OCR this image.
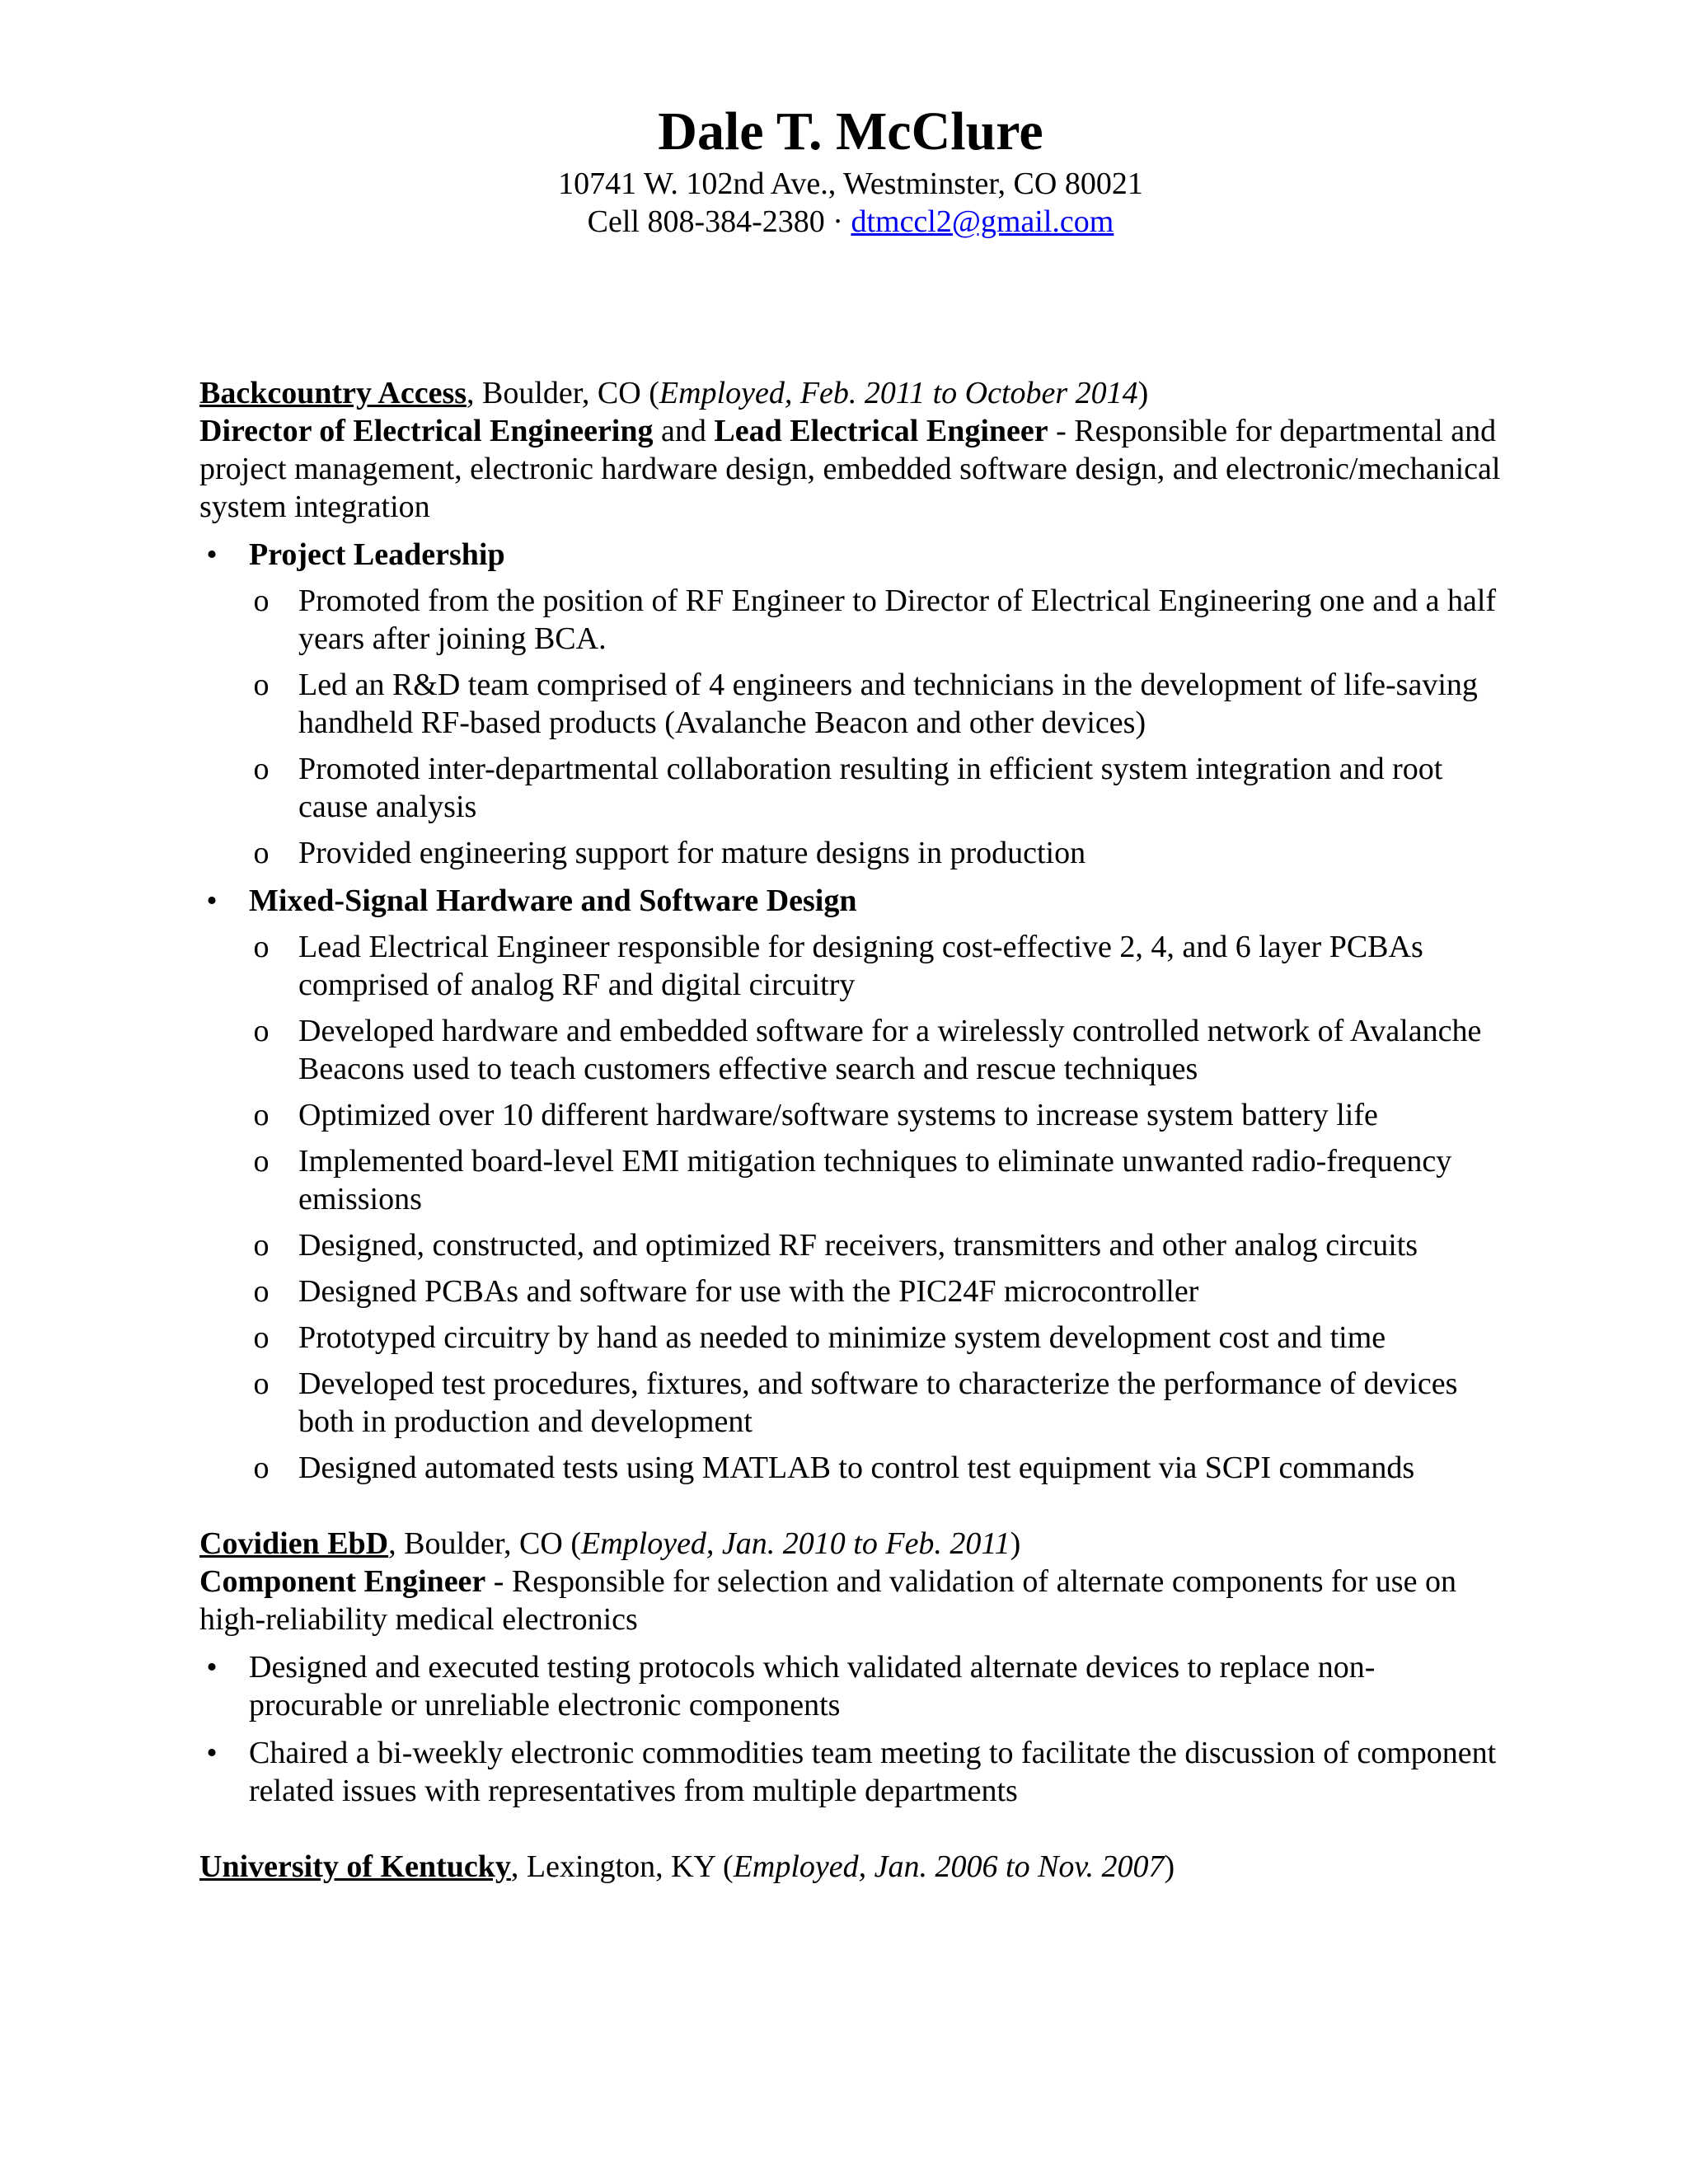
Dale T. McClure
10741 W. 102nd Ave., Westminster, CO 80021
Cell 808-384-2380 · dtmccl2@gmail.com

Backcountry Access, Boulder, CO (Employed, Feb. 2011 to October 2014)

Director of Electrical Engineering and Lead Electrical Engineer - Responsible for departmental and project management, electronic hardware design, embedded software design, and electronic/mechanical system integration

• Project Leadership
o Promoted from the position of RF Engineer to Director of Electrical Engineering one and a half years after joining BCA.
o Led an R&D team comprised of 4 engineers and technicians in the development of life-saving handheld RF-based products (Avalanche Beacon and other devices)
o Promoted inter-departmental collaboration resulting in efficient system integration and root cause analysis
o Provided engineering support for mature designs in production
• Mixed-Signal Hardware and Software Design
o Lead Electrical Engineer responsible for designing cost-effective 2, 4, and 6 layer PCBAs comprised of analog RF and digital circuitry
o Developed hardware and embedded software for a wirelessly controlled network of Avalanche Beacons used to teach customers effective search and rescue techniques
o Optimized over 10 different hardware/software systems to increase system battery life
o Implemented board-level EMI mitigation techniques to eliminate unwanted radio-frequency emissions
o Designed, constructed, and optimized RF receivers, transmitters and other analog circuits
o Designed PCBAs and software for use with the PIC24F microcontroller
o Prototyped circuitry by hand as needed to minimize system development cost and time
o Developed test procedures, fixtures, and software to characterize the performance of devices both in production and development
o Designed automated tests using MATLAB to control test equipment via SCPI commands

Covidien EbD, Boulder, CO (Employed, Jan. 2010 to Feb. 2011)

Component Engineer - Responsible for selection and validation of alternate components for use on high-reliability medical electronics

• Designed and executed testing protocols which validated alternate devices to replace non-procurable or unreliable electronic components
• Chaired a bi-weekly electronic commodities team meeting to facilitate the discussion of component related issues with representatives from multiple departments

University of Kentucky, Lexington, KY (Employed, Jan. 2006 to Nov. 2007)
